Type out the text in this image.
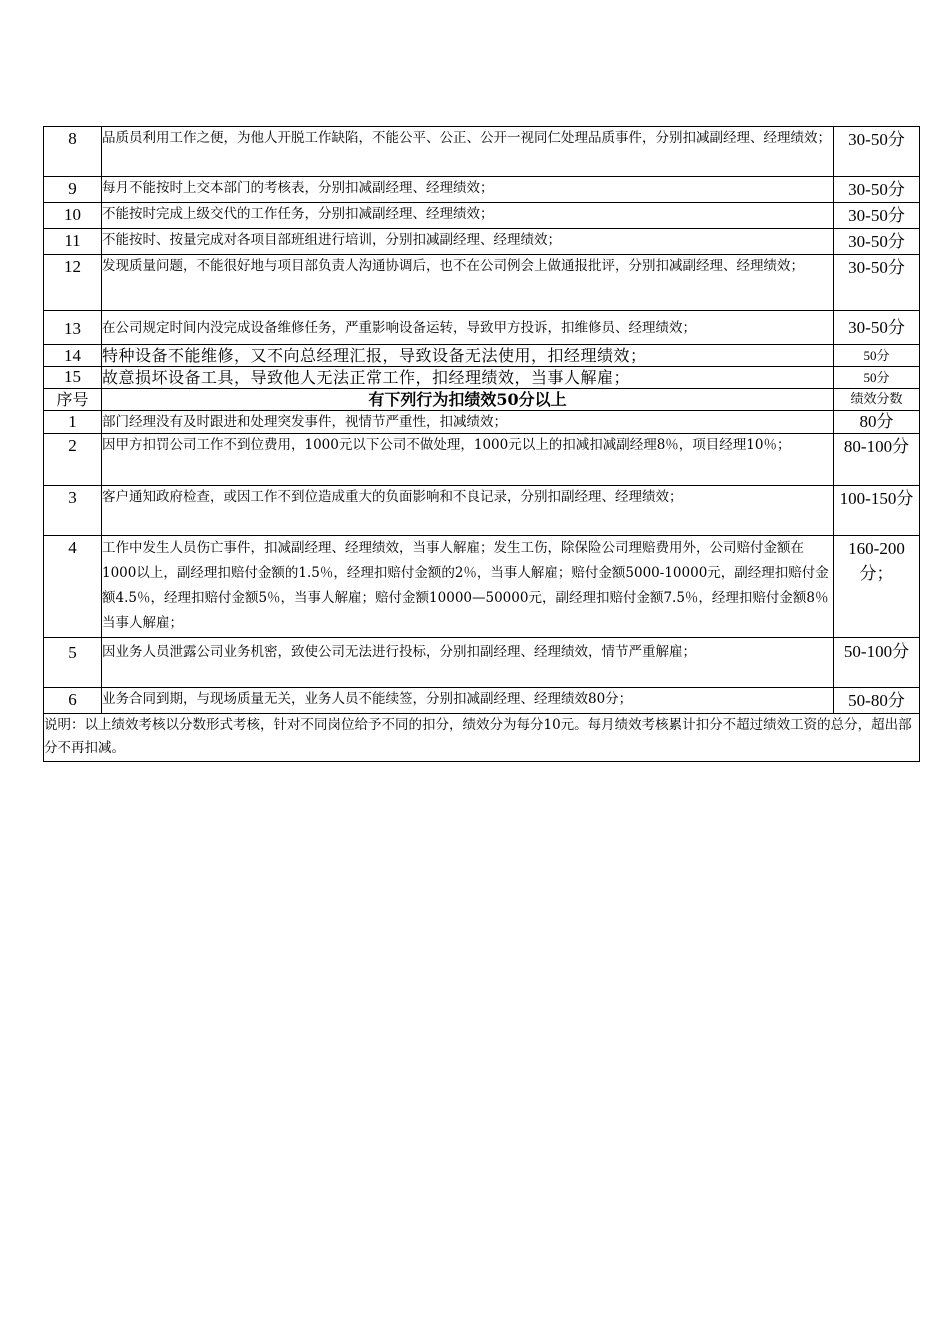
8	品质员利用工作之便，为他人开脱工作缺陷，不能公平、公正、公开一视同仁处理品质事件，分别扣减副经理、经理绩效；	30-50分
9	每月不能按时上交本部门的考核表，分别扣减副经理、经理绩效；	30-50分
10	不能按时完成上级交代的工作任务，分别扣减副经理、经理绩效；	30-50分
11	不能按时、按量完成对各项目部班组进行培训，分别扣减副经理、经理绩效；	30-50分
12	发现质量问题，不能很好地与项目部负责人沟通协调后，也不在公司例会上做通报批评，分别扣减副经理、经理绩效；	30-50分
13	在公司规定时间内没完成设备维修任务，严重影响设备运转，导致甲方投诉，扣维修员、经理绩效；	30-50分
14	特种设备不能维修，又不向总经理汇报，导致设备无法使用，扣经理绩效；	50分
15	故意损坏设备工具，导致他人无法正常工作，扣经理绩效，当事人解雇；	50分
序号	有下列行为扣绩效50分以上	绩效分数
1	部门经理没有及时跟进和处理突发事件，视情节严重性，扣减绩效；	80分
2	因甲方扣罚公司工作不到位费用，1000元以下公司不做处理，1000元以上的扣减扣减副经理8％，项目经理10％；	80-100分
3	客户通知政府检查，或因工作不到位造成重大的负面影响和不良记录，分别扣副经理、经理绩效；	100-150分
4	工作中发生人员伤亡事件，扣减副经理、经理绩效，当事人解雇；发生工伤，除保险公司理赔费用外，公司赔付金额在1000以上，副经理扣赔付金额的1.5％，经理扣赔付金额的2％，当事人解雇；赔付金额5000-10000元，副经理扣赔付金额4.5％，经理扣赔付金额5％，当事人解雇；赔付金额10000—50000元，副经理扣赔付金额7.5％，经理扣赔付金额8％当事人解雇；	160-200分；
5	因业务人员泄露公司业务机密，致使公司无法进行投标，分别扣副经理、经理绩效，情节严重解雇；	50-100分
6	业务合同到期，与现场质量无关，业务人员不能续签，分别扣减副经理、经理绩效80分；	50-80分
说明：以上绩效考核以分数形式考核，针对不同岗位给予不同的扣分，绩效分为每分10元。每月绩效考核累计扣分不超过绩效工资的总分，超出部分不再扣减。		
